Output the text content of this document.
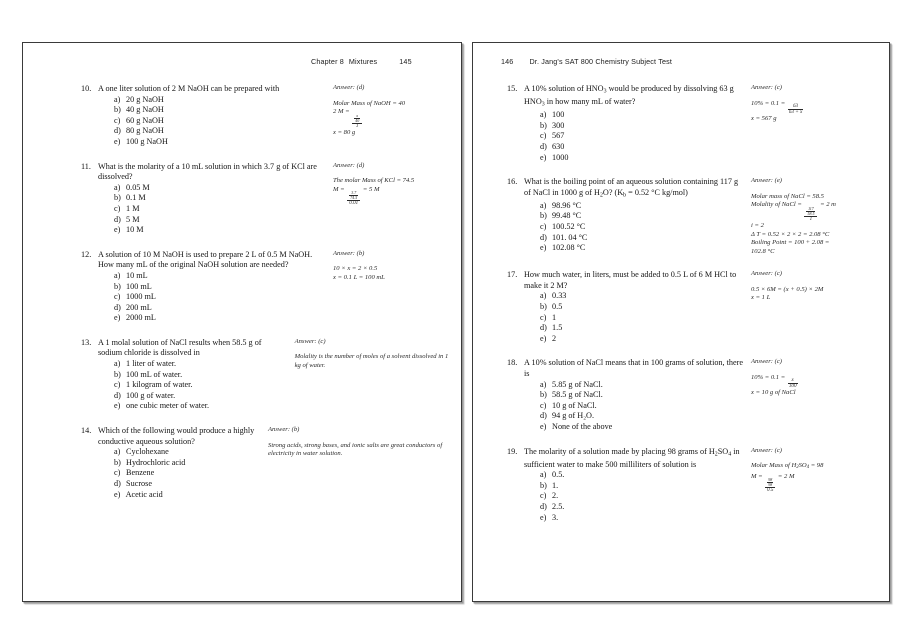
Chapter 8 Mixtures	145
10. A one liter solution of 2 M NaOH can be prepared with
a) 20 g NaOH
b) 40 g NaOH
c) 60 g NaOH
d) 80 g NaOH
e) 100 g NaOH
Answer: (d)
Molar Mass of NaOH = 40
2 M =
$\frac{\frac{x}{40}}{1}$
x = 80 g
11. What is the molarity of a 10 mL solution in which 3.7 g of KCl are dissolved?
a) 0.05 M
b) 0.1 M
c) 1 M
d) 5 M
e) 10 M
Answer: (d)
The molar Mass of KCl = 74.5
M =
$\frac{\frac{3.7}{74.5}}{0.01}$
= 5 M
12. A solution of 10 M NaOH is used to prepare 2 L of 0.5 M NaOH. How many mL of the original NaOH solution are needed?
a) 10 mL
b) 100 mL
c) 1000 mL
d) 200 mL
e) 2000 mL
Answer: (b)
10 × x = 2 × 0.5
x = 0.1 L = 100 mL
13. A 1 molal solution of NaCl results when 58.5 g of sodium chloride is dissolved in
a) 1 liter of water.
b) 100 mL of water.
c) 1 kilogram of water.
d) 100 g of water.
e) one cubic meter of water.
Answer: (c)
Molality is the number of moles of a solvent dissolved in 1 kg of water.
14. Which of the following would produce a highly conductive aqueous solution?
a) Cyclohexane
b) Hydrochloric acid
c) Benzene
d) Sucrose
e) Acetic acid
Answer: (b)
Strong acids, strong bases, and ionic salts are great conductors of electricity in water solution.
146 Dr. Jang's SAT 800 Chemistry Subject Test
15. A 10% solution of $HNO_3$ would be produced by dissolving 63 g $HNO_3$ in how many mL of water?
a) 100
b) 300
c) 567
d) 630
e) 1000
Answer: (c)
10% = 0.1 =
$\frac{63}{63 + x}$
x = 567 g
16. What is the boiling point of an aqueous solution containing 117 g of NaCl in 1000 g of $H_2O$? ($K_b = 0.52$ °C kg/mol)
a) 98.96 °C
b) 99.48 °C
c) 100.52 °C
d) 101. 04 °C
e) 102.08 °C
Answer: (e)
Molar mass of NaCl = 58.5
Molality of NaCl =
$\frac{\frac{117}{58.5}}{1}$
= 2 m
i = 2
Δ T = 0.52 × 2 × 2 = 2.08 °C
Boiling Point = 100 + 2.08 =
102.8 °C
17. How much water, in liters, must be added to 0.5 L of 6 M HCl to make it 2 M?
a) 0.33
b) 0.5
c) 1
d) 1.5
e) 2
Answer: (c)
0.5 × 6M = (x + 0.5) × 2M
x = 1 L
18. A 10% solution of NaCl means that in 100 grams of solution, there is
a) 5.85 g of NaCl.
b) 58.5 g of NaCl.
c) 10 g of NaCl.
d) 94 g of H₂O.
e) None of the above
Answer: (c)
10% = 0.1 =
$\frac{x}{100}$
x = 10 g of NaCl
19. The molarity of a solution made by placing 98 grams of $H_2SO_4$ in sufficient water to make 500 milliliters of solution is
a) 0.5.
b) 1.
c) 2.
d) 2.5.
e) 3.
Answer: (c)
Molar Mass of $H_2SO_4 = 98$
M =
$\frac{\frac{98}{98}}{0.5}$
= 2 M
